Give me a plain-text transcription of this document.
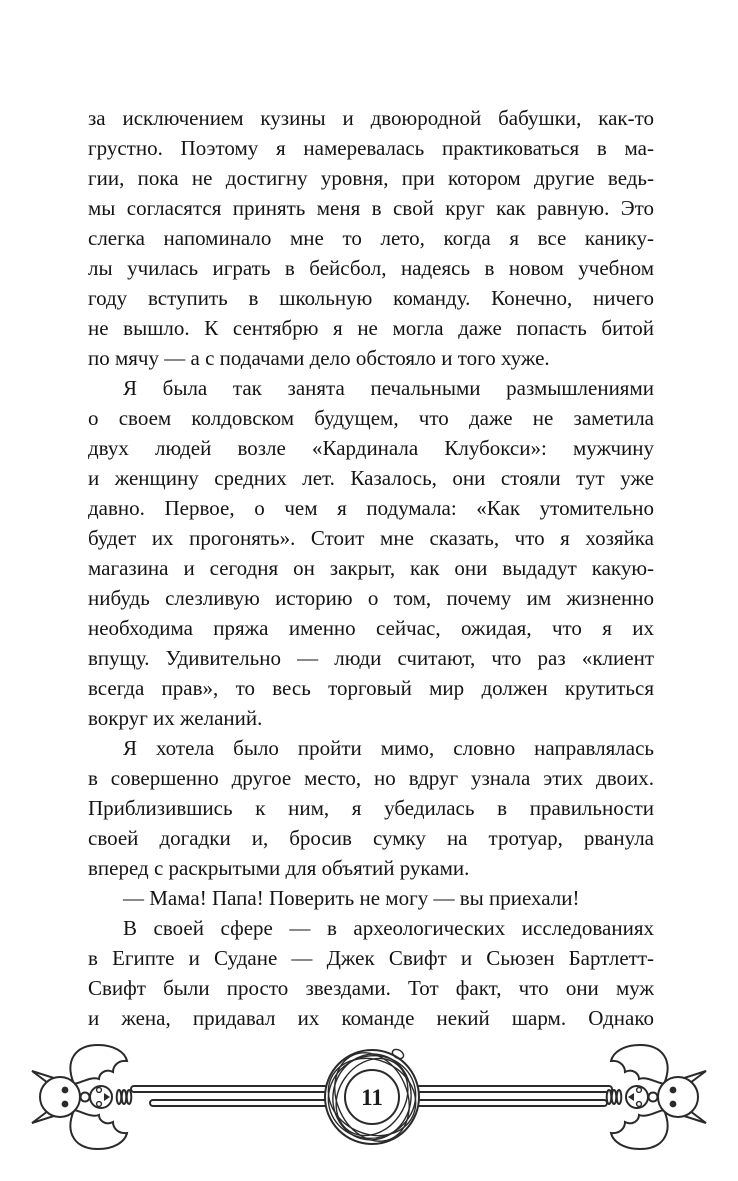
за исключением кузины и двоюродной бабушки, как-то
грустно. Поэтому я намеревалась практиковаться в ма-
гии, пока не достигну уровня, при котором другие ведь-
мы согласятся принять меня в свой круг как равную. Это
слегка напоминало мне то лето, когда я все канику-
лы училась играть в бейсбол, надеясь в новом учебном
году вступить в школьную команду. Конечно, ничего
не вышло. К сентябрю я не могла даже попасть битой
по мячу — а с подачами дело обстояло и того хуже.
Я была так занята печальными размышлениями
о своем колдовском будущем, что даже не заметила
двух людей возле «Кардинала Клубокси»: мужчину
и женщину средних лет. Казалось, они стояли тут уже
давно. Первое, о чем я подумала: «Как утомительно
будет их прогонять». Стоит мне сказать, что я хозяйка
магазина и сегодня он закрыт, как они выдадут какую-
нибудь слезливую историю о том, почему им жизненно
необходима пряжа именно сейчас, ожидая, что я их
впущу. Удивительно — люди считают, что раз «клиент
всегда прав», то весь торговый мир должен крутиться
вокруг их желаний.
Я хотела было пройти мимо, словно направлялась
в совершенно другое место, но вдруг узнала этих двоих.
Приблизившись к ним, я убедилась в правильности
своей догадки и, бросив сумку на тротуар, рванула
вперед с раскрытыми для объятий руками.
— Мама! Папа! Поверить не могу — вы приехали!
В своей сфере — в археологических исследованиях
в Египте и Судане — Джек Свифт и Сьюзен Бартлетт-
Свифт были просто звездами. Тот факт, что они муж
и жена, придавал их команде некий шарм. Однако
11
